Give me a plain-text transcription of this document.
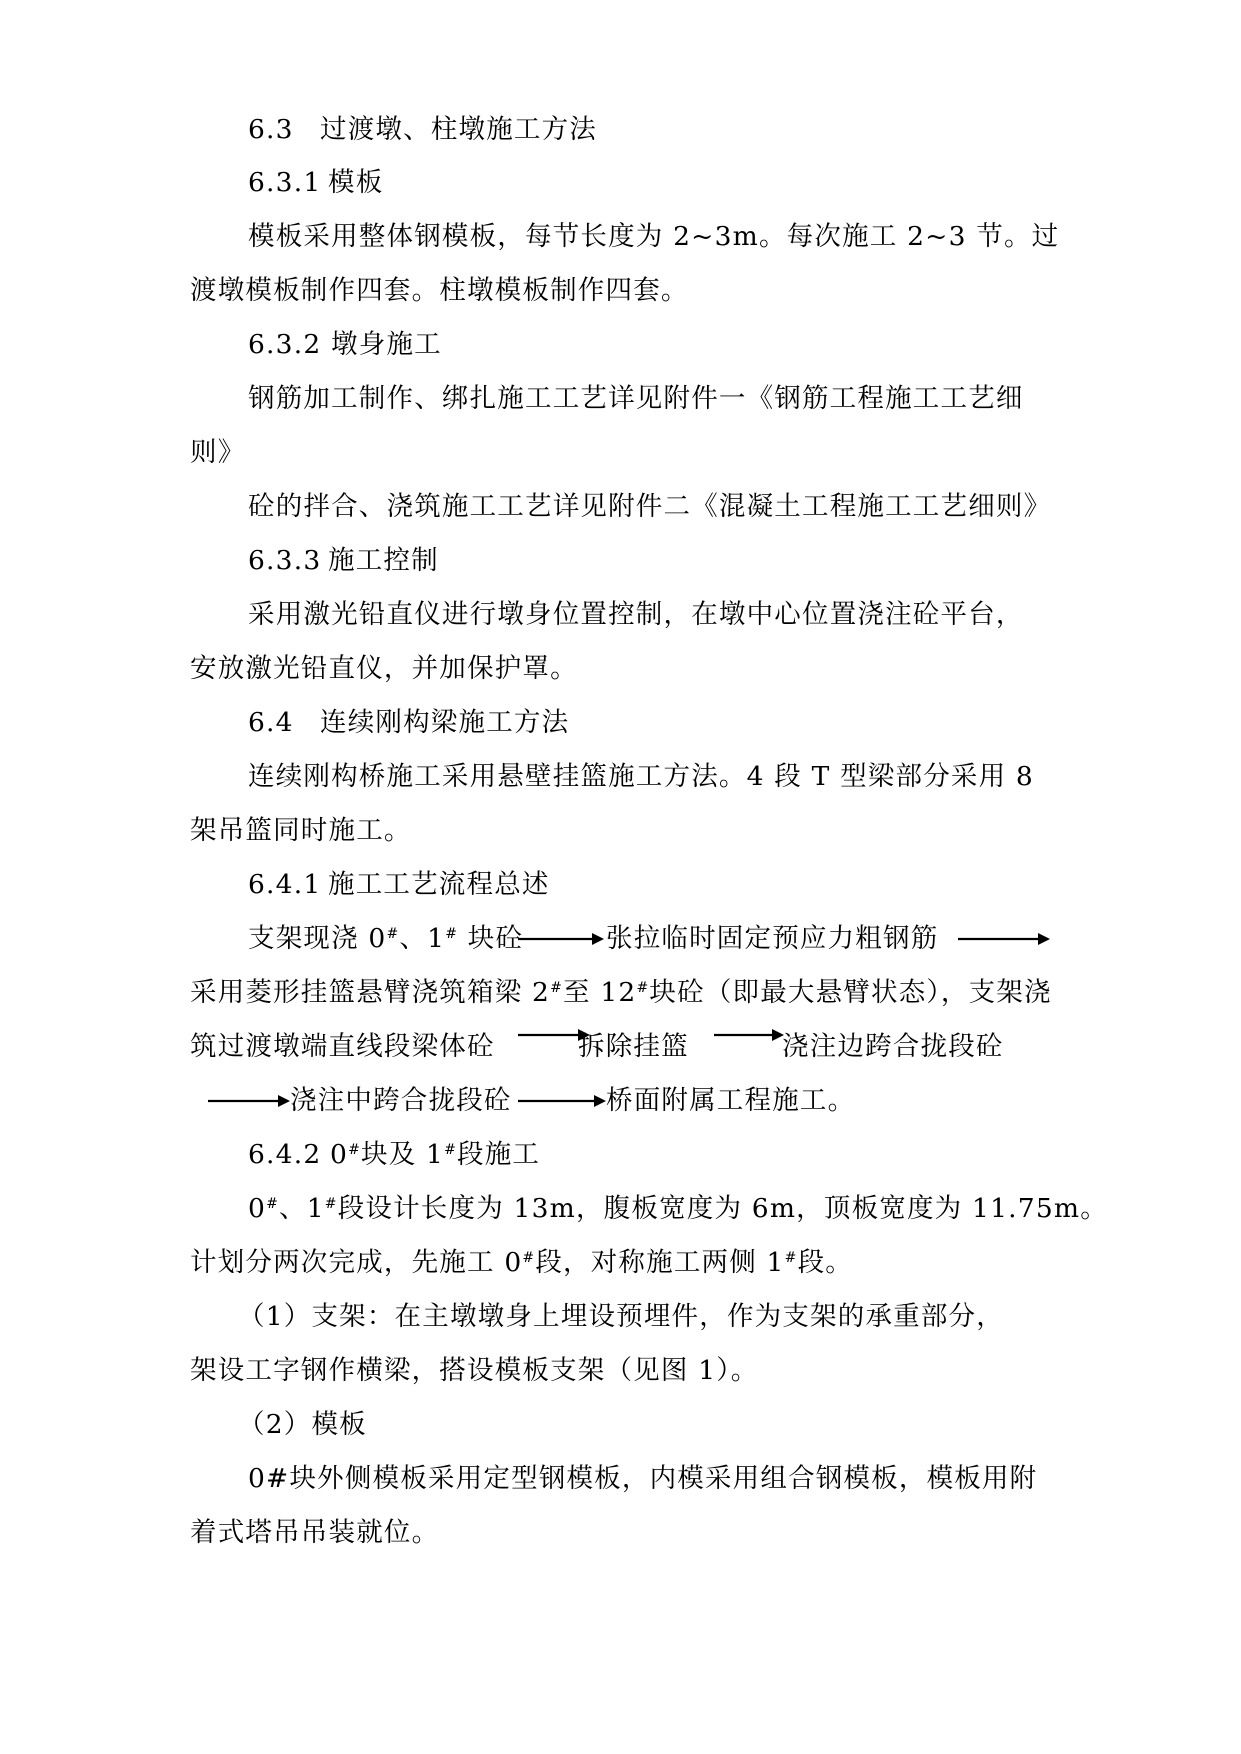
6.3 过渡墩、柱墩施工方法
6.3.1 模板
模板采用整体钢模板，每节长度为 2~3m。每次施工 2~3 节。过
渡墩模板制作四套。柱墩模板制作四套。
6.3.2 墩身施工
钢筋加工制作、绑扎施工工艺详见附件一《钢筋工程施工工艺细
则》
砼的拌合、浇筑施工工艺详见附件二《混凝土工程施工工艺细则》
6.3.3 施工控制
采用激光铅直仪进行墩身位置控制，在墩中心位置浇注砼平台，
安放激光铅直仪，并加保护罩。
6.4 连续刚构梁施工方法
连续刚构桥施工采用悬壁挂篮施工方法。4 段 T 型梁部分采用 8
架吊篮同时施工。
6.4.1 施工工艺流程总述
支架现浇 0#、1# 块砼	张拉临时固定预应力粗钢筋
采用菱形挂篮悬臂浇筑箱梁 2#至 12#块砼（即最大悬臂状态），支架浇
筑过渡墩端直线段梁体砼	拆除挂篮	浇注边跨合拢段砼
浇注中跨合拢段砼	桥面附属工程施工。
6.4.2 0#块及 1#段施工
0#、1#段设计长度为 13m，腹板宽度为 6m，顶板宽度为 11.75m。
计划分两次完成，先施工 0#段，对称施工两侧 1#段。
（1）支架：在主墩墩身上埋设预埋件，作为支架的承重部分，
架设工字钢作横梁，搭设模板支架（见图 1）。
（2）模板
0#块外侧模板采用定型钢模板，内模采用组合钢模板，模板用附
着式塔吊吊装就位。
